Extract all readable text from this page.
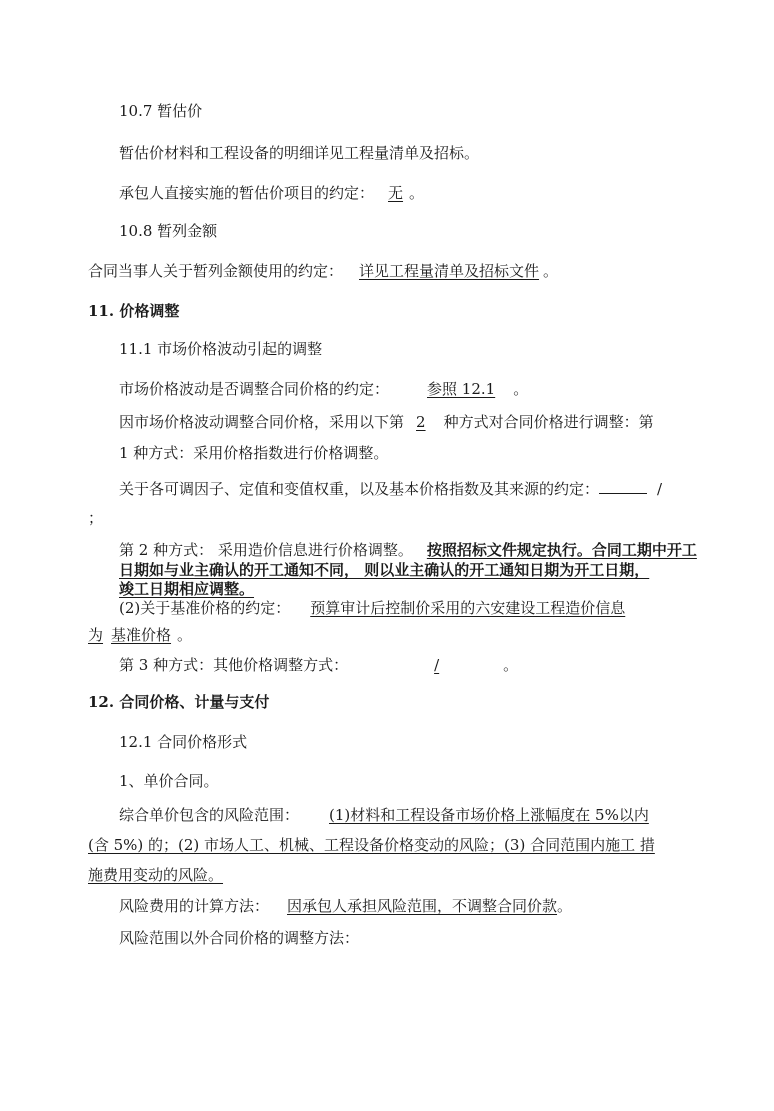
10.7 暂估价
暂估价材料和工程设备的明细详见工程量清单及招标。
承包人直接实施的暂估价项目的约定： 无 。
10.8 暂列金额
合同当事人关于暂列金额使用的约定： 详见工程量清单及招标文件 。
11. 价格调整
11.1 市场价格波动引起的调整
市场价格波动是否调整合同价格的约定：	参照 12.1 。
因市场价格波动调整合同价格，采用以下第 2 种方式对合同价格进行调整：第
1 种方式：采用价格指数进行价格调整。
关于各可调因子、定值和变值权重，以及基本价格指数及其来源的约定：	/
；
第 2 种方式： 采用造价信息进行价格调整。 按照招标文件规定执行。合同工期中开工
日期如与业主确认的开工通知不同， 则以业主确认的开工通知日期为开工日期，
竣工日期相应调整。
(2)关于基准价格的约定： 预算审计后控制价采用的六安建设工程造价信息
为 基准价格 。
第 3 种方式：其他价格调整方式：	/	。
12. 合同价格、计量与支付
12.1 合同价格形式
1、单价合同。
综合单价包含的风险范围： (1)材料和工程设备市场价格上涨幅度在 5%以内
(含 5%) 的；(2) 市场人工、机械、工程设备价格变动的风险；(3) 合同范围内施工 措
施费用变动的风险。
风险费用的计算方法： 因承包人承担风险范围，不调整合同价款。
风险范围以外合同价格的调整方法：
